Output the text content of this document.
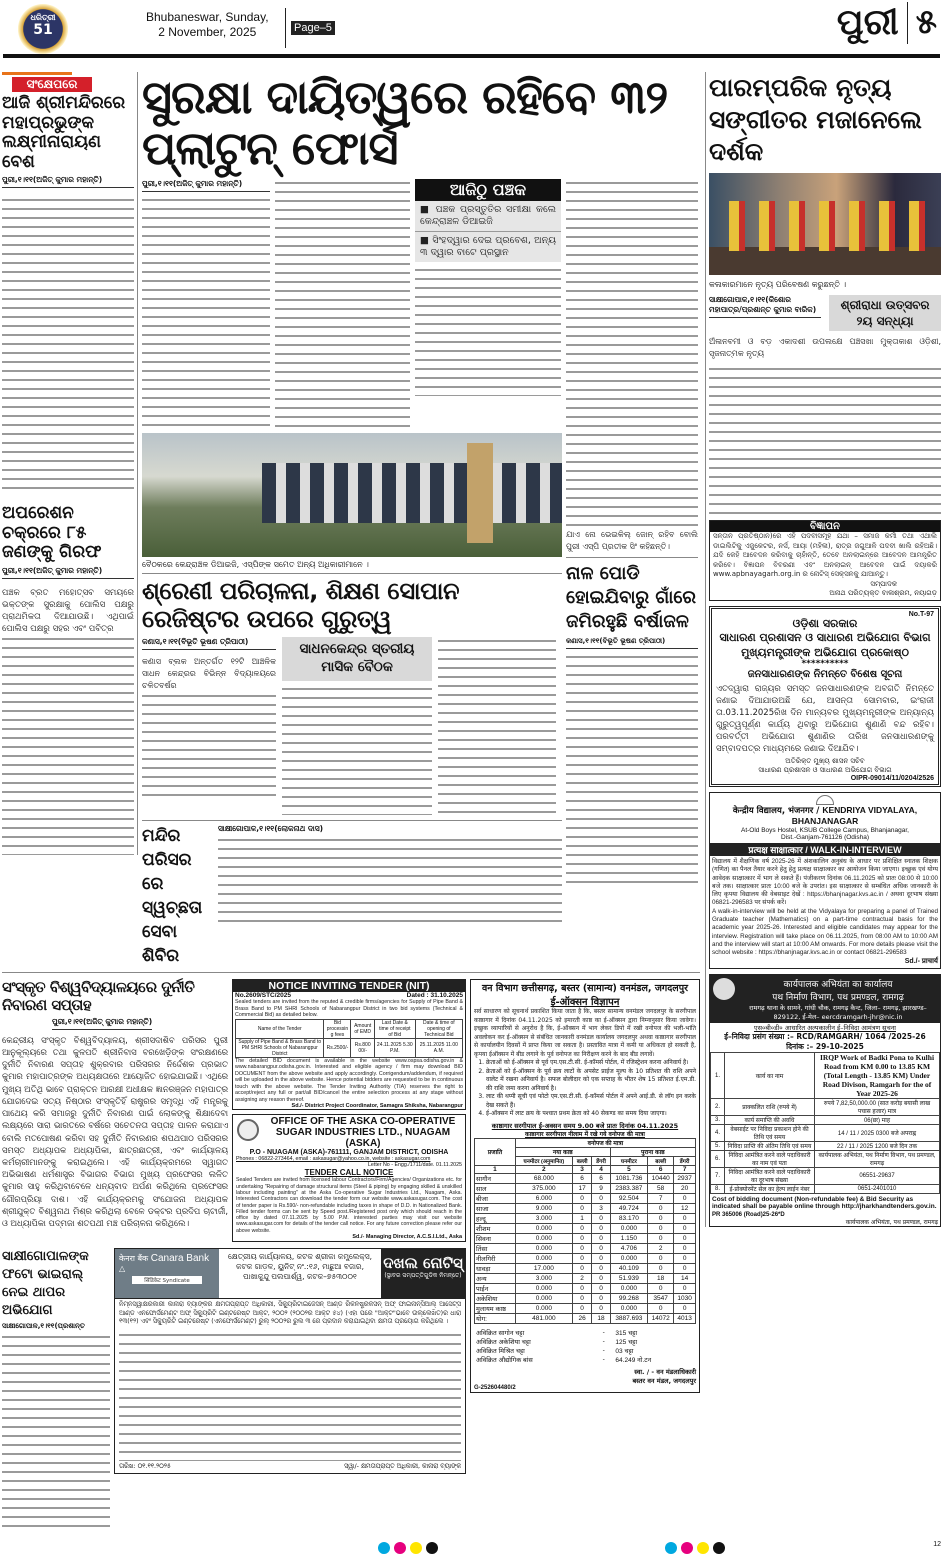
ଧରିତ୍ରୀ
51
Bhubaneswar, Sunday,
2 November, 2025	Page–5	ପୁରୀ ୫
ସଂକ୍ଷେପରେ
ଆଜି ଶ୍ରୀମନ୍ଦିରରେ ମହାପ୍ରଭୁଙ୍କ ଲକ୍ଷ୍ମୀନାରାୟଣ ବେଶ
ପୁରୀ,୧।୧୧(ଅଜିତ୍ କୁମାର ମହାନ୍ତି)
ଅପରେଶନ ଚକ୍ରରେ ୮୫ ଜଣଙ୍କୁ ଗିରଫ
ପୁରୀ,୧।୧୧(ଅଜିତ୍ କୁମାର ମହାନ୍ତି)
ପଞ୍ଚକ ବ୍ରତ ମହୋତ୍ସବ ସମୟରେ ଭକ୍ତଙ୍କ ସୁରକ୍ଷାକୁ ପୋଲିସ ପକ୍ଷରୁ ପ୍ରାଥମିକତା ଦିଆଯାଉଛି। ଏଥିପାଇଁ ପୋଲିସ ପକ୍ଷରୁ ସହର ଏବଂ ପବିତ୍ର
ସୁରକ୍ଷା ଦାୟିତ୍ୱରେ ରହିବେ ୩୨ ପ୍ଲାଟୁନ୍ ଫୋର୍ସ
ପୁରୀ,୧।୧୧(ଅଜିତ୍ କୁମାର ମହାନ୍ତି)	ଆଜିଠୁ ପଞ୍ଚକ
■ ପଞ୍ଚକ ପ୍ରସ୍ତୁତିର ସମୀକ୍ଷା କଲେ କେନ୍ଦ୍ରାଞ୍ଚଳ ଡିଆଇଜି
■ ସିଂହଦ୍ୱାର ଦେଇ ପ୍ରବେଶ, ଅନ୍ୟ ୩ ଦ୍ୱାର ବାଟେ ପ୍ରସ୍ଥାନ
ବୈଠକରେ କେନ୍ଦ୍ରାଞ୍ଚଳ ଡିଆଇଜି, ଏସ୍‌ପିଙ୍କ ସମେତ ଅନ୍ୟ ଅଧିକାରୀମାନେ ।
ଶ୍ରେଣୀ ପରିଚାଳନା, ଶିକ୍ଷଣ ସୋପାନ ରେଜିଷ୍ଟର ଉପରେ ଗୁରୁତ୍ୱ
କଣାସ,୧।୧୧(ବିଭୂତି ଭୂଷଣ ତ୍ରିପାଠୀ)
କଣାସ ବ୍ଲକ ଅନ୍ତର୍ଗତ ୧୨ଟି ଆଞ୍ଚଳିକ ସାଧନ କେନ୍ଦ୍ରର ବିଭିନ୍ନ ବିଦ୍ୟାଳୟରେ ଚଳିତବର୍ଷର
ସାଧନକେନ୍ଦ୍ର ସ୍ତରୀୟ ମାସିକ ବୈଠକ
ମନ୍ଦିର ପରିସରରେ ସ୍ୱଚ୍ଛତା ସେବା ଶିବିର
ସାକ୍ଷୀଗୋପାଳ,୧।୧୧(ଲୋକନାଥ ଦାସ)
ଯାଏ ନୋ ଭେଇକିଲ୍ ଜୋନ୍ ରହିବ ବୋଲି ପୁରୀ ଏସ୍‌ପି ପ୍ରତୀକ ସିଂ କହିଛନ୍ତି।
ନାଳ ପୋଡି ହୋଇଯିବାରୁ ଗାଁରେ ଜମିରହୁଛି ବର୍ଷାଜଳ
କଣାସ,୧।୧୧(ବିଭୂତି ଭୂଷଣ ତ୍ରିପାଠୀ)
ସଂସ୍କୃତ ବିଶ୍ୱବିଦ୍ୟାଳୟରେ ଦୁର୍ନୀତି ନିବାରଣ ସପ୍ତାହ
ପୁରୀ,୧।୧୧(ଅଜିତ୍ କୁମାର ମହାନ୍ତି)
କେନ୍ଦ୍ରୀୟ ସଂସ୍କୃତ ବିଶ୍ୱବିଦ୍ୟାଳୟ, ଶ୍ରୀସଦାଶିବ ପରିସର ପୁରୀ ଆନୁକୂଲ୍ୟରେ ତଥା କୁଳପତି ଶ୍ରୀନିବାସ ବରଖେଡ଼ିଙ୍କ ସଂରକ୍ଷଣରେ ଦୁର୍ନୀତି ନିବାରଣ ସପ୍ତାହ ଶୁକ୍ରବାର ପରିସରର ନିର୍ଦ୍ଦେଶକ ପ୍ରଭାତ କୁମାର ମହାପାତ୍ରଙ୍କ ଅଧ୍ୟକ୍ଷତାରେ ଆୟୋଜିତ ହୋଇଯାଇଛି। ଏଥିରେ ମୁଖ୍ୟ ଅତିଥି ଭାବେ ପ୍ରାକ୍ତନ ଆରକ୍ଷୀ ଅଧୀକ୍ଷକ ଜ୍ଞାନରଞ୍ଜନ ମହାପାତ୍ର ଯୋଗଦେଇ ସତ୍ୟ ନିଷ୍ଠାର ସଂସ୍କୃତିହିଁ ରାଷ୍ଟ୍ରର ସମୃଦ୍ଧି ଏହି ମନ୍ତ୍ରକୁ ପାଥେୟ କରି ସମାଜରୁ ଦୁର୍ନୀତି ନିବାରଣ ପାଇଁ ଲୋକଙ୍କୁ ଶିକ୍ଷାଦେବା ଲକ୍ଷ୍ୟରେ ସାରା ଭାରତରେ ବର୍ଷରେ ସଚେତନତା ସପ୍ତାହ ପାଳନ କରାଯାଏ ବୋଲି ମତପୋଷଣ କରିବା ସହ ଦୁର୍ନୀତି ନିବାରଣର ଶପଥପାଠ ପରିସରର ସମସ୍ତ ଅଧ୍ୟାପକ ଅଧ୍ୟାପିକା, ଛାତ୍ରଛାତ୍ରୀ, ଏବଂ କାର୍ଯ୍ୟାଳୟ କର୍ମଚାରୀମାନଙ୍କୁ କରାଇଥିଲେ। ଏହି କାର୍ଯ୍ୟକ୍ରମରେ ସ୍ୱାଗତ ଅଭିଭାଷଣ ଧର୍ମଶାସ୍ତ୍ର ବିଭାଗର ବିଭାଗ ମୁଖ୍ୟ ପ୍ରଫେସର ଲଳିତ କୁମାର ସାହୁ କରିଥିବାବେଳେ ଧନ୍ୟବାଦ ଅର୍ପଣ କରିଥିଲେ ପ୍ରଫେସର ଗୌରପ୍ରିୟା ଦାଶ। ଏହି କାର୍ଯ୍ୟକ୍ରମକୁ ସଂଯୋଜନା ଅଧ୍ୟାପକ ଶ୍ରୀଯୁକ୍ତ ବିଶ୍ୱନାଥ ମିଶ୍ର କରିଥିଲା ବେଳେ ଡକ୍ଟର ପ୍ରଦିପ ଚାଟାର୍ଜୀ, ଓ ଅଧ୍ୟାପିକା ପଦ୍ମଜା ଶତପଥୀ ମଞ୍ଚ ପରିଚାଳନା କରିଥିଲେ।
NOTICE INVITING TENDER (NIT)
No.2609/STC/2025	Dated : 31.10.2025
Sealed tenders are invited from the reputed & credible firms/agencies for Supply of Pipe Band & Brass Band to PM SHRI Schools of Nabarangpur District in two bid systems (Technical & Commercial Bid) as detailed below.
Name of the Tender	Bid processing fees	Amount of EMD	Last Date & time of receipt of Bid	Date & time of opening of Technical Bid
Supply of Pipe Band & Brass Band to PM SHRI Schools of Nabarangpur District	Rs.2500/-	Rs.80000/-	24.11.2025 5.30 P.M.	25.11.2025 11.00 A.M.
The detailed BID document is available in the website www.ospsa.odisha.gov.in & www.nabarangpur.odisha.gov.in. Interested and eligible agency / firm may download BID DOCUMENT from the above website and apply accordingly. Corrigendum/addendum, if required will be uploaded in the above website. Hence potential bidders are requested to be in continuous touch with the above website. The Tender Inviting Authority (TIA) reserves the right to accept/reject any full or part/all BID/cancel the entire selection process at any stage without assigning any reason thereof.
Sd./- District Project Coordinator, Samagra Shiksha, Nabarangpur
OFFICE OF THE ASKA CO-OPERATIVE
SUGAR INDUSTRIES LTD., NUAGAM (ASKA)
P.O - NUAGAM (ASKA)-761111, GANJAM DISTRICT, ODISHA
Phones : 06822-273464, email : askasugar@yahoo.co.in, website : askasugar.com
Letter No - Engg./1711/date. 01.11.2025
TENDER CALL NOTICE
Sealed Tenders are invited from licensed labour Contractors/Firm/Agencies/ Organizations etc. for undertaking "Repairing of damage structural items (Steel & piping) by engaging skilled & unskilled labour including painting" at the Aska Co-operative Sugar Industries Ltd., Nuagam, Aska. Interested Contractors can download the tender form our website www.askasugar.com. The cost of tender paper is Rs.590/- non-refundable including taxes in shape of D.D. in Nationalized Bank. Filled tender forms can be sent by Speed post./Registered post only which should reach in the office by dated 07.11.2025 by 5.00 P.M. interested parties may visit our website www.askasugar.com for details of the tender call notice. For any future correction please refer our above website.
Sd./- Managing Director, A.C.S.I.Ltd., Aska
ସାକ୍ଷୀଗୋପାଳଙ୍କ ଫଟୋ ଭାଇରାଲ୍ ନେଇ ଥାପର ଅଭିଯୋଗ
ସାକ୍ଷୀଗୋପାଳ,୧।୧୧(ପ୍ରଶାନ୍ତ
केनरा बैंक Canara Bank △
सिंडिकेट Syndicate
କ୍ଷେତ୍ରୀୟ କାର୍ଯ୍ୟାଳୟ, କଟକ ଶ୍ରୀକା କମ୍ପ୍ଲେକ୍ସ, କଟକ ଗାଡ଼ଳ, ୟୁନିଟ୍ ନଂ.:୧୬, ମାଛୁଆ ବଜାର, ପାଖାକୁନ୍ଦୁ ପଲପାର୍ଶ୍ୱ, କଟକ–୭୫୩୦୦୧
ଦଖଲ ନୋଟିସ୍
(ସ୍ଥାବର ସମ୍ପତ୍ତିଗୁଡିକ ନିମନ୍ତେ)
ନିମ୍ନସ୍ୱାକ୍ଷରକାରୀ କାନାରା ବ୍ୟାଙ୍କର କ୍ଷମତାପ୍ରାପ୍ତ ଅଧିକାରୀ, ସିକ୍ୟୁରିଟାଇଜେସନ୍ ଆଣ୍ଡ ରିକନଷ୍ଟ୍ରକସନ୍ ଅଫ୍ ଫାଇନାନ୍ସିଆଲ୍ ଆସେଟ୍ସ ଆଣ୍ଡ ଏନଫୋର୍ସମେଣ୍ଟ ଅଫ୍ ସିକ୍ୟୁରିଟି ଇଣ୍ଟରେଷ୍ଟ ଆକ୍ଟ, ୨୦୦୨ (୨୦୦୨ର ଆକ୍ଟ ୫୪) (ଏହା ପରେ "ଆକ୍ଟ"ଭାବେ ଉଲ୍ଲେଖିତ)ର ଧାରା ୧୩(୧୨) ଏବଂ ସିକ୍ୟୁରିଟି ଇଣ୍ଟରେଷ୍ଟ (ଏନଫୋର୍ସମେଣ୍ଟ) ରୁଲ୍ ୨୦୦୨ର ରୁଲ ୩ ରେ ପ୍ରଦାନ କରାଯାଇଥିବା କ୍ଷମତା ପ୍ରୟୋଗ କରିଥିଲେ ।
ତାରିଖ: ୦୧.୧୧.୨୦୨୫	ସ୍ୱା/- କ୍ଷମତାପ୍ରାପ୍ତ ଅଧିକାରୀ, କାନାରା ବ୍ୟାଙ୍କ
वन विभाग छत्तीसगढ़, बस्तर (सामान्य) वनमंडल, जगदलपुर
ई-ऑक्सन विज्ञापन
सर्व साधारण को सूचनार्थ प्रकाशित किया जाता है कि, बस्तर सामान्य वनमंडल जगदलपुर के सरगीपाल काष्ठागार में दिनांक 04.11.2025 को इमारती काष्ठ का ई-ऑक्सन द्वारा निम्नानुसार किया जावेगा। इच्छुक व्यापारियों से अनुरोध है कि, ई-ऑक्सन में भाग लेकर डिपो में रखी वनोपज की भली-भांति अवलोकन कर ई-ऑक्सन से संबंधित जानकारी वनमंडल कार्यालय जगदलपुर अथवा काष्ठागार सरगीपाल से कार्यालयीन दिवसों में प्राप्त किया जा सकता है। प्रस्तावित मात्रा में कमी या अधिकता हो सकती है, कृपया ईऑक्सन में बीड लगाने के पूर्व वनोपज का निरीक्षण करने के बाद बीड लगावें।
1. क्रेताओं को ई-ऑक्सन से पूर्व एम.एस.टी.सी. ई-कॉमर्स पोर्टल, में रजिस्ट्रेशन करना अनिवार्य है।
2. क्रेताओं को ई-ऑक्सन के पूर्व क्रय लाटों के अपसेट प्राईज मूल्य के 10 प्रतिशत की राशि अपने वालेट में रखना अनिवार्य है। सफल बोलीदार को एक सप्ताह के भीतर शेष 15 प्रतिशत ई.एम.डी. की राशि जमा करना अनिवार्य है।
3. लाट की थप्पी सूची एवं फोटो एम.एस.टी.सी. ई-कॉमर्स पोर्टल में अपने आई.डी. से लॉग इन करके देख सकते हैं।
4. ई-ऑक्सन में लाट क्रय के पश्चात प्रथम क्रेता को 40 सेकण्ड का समय दिया जाएगा।
काष्ठागार सरगीपाल ई-अक्सन समय 9.00 बजे प्रातः दिनांक 04.11.2025
काष्ठागार सरगीपाल नीलाम में रखे गये वनोपज की मात्रा
प्रजाति	वनोपज की मात्रा					
	नया काष्ठ			पुराना काष्ठ		
	घनमीटर (अनुमानित)	बल्ली	डेंगरी	घनमीटर	बल्ली	डेंगरी
1	2	3	4	5	6	7
सागौन	68.000	6	6	1081.736	10440	2937
साल	375.000	17	9	2383.387	58	20
बीजा	6.000	0	0	92.504	7	0
साजा	9.000	0	3	49.724	0	12
हल्दू	3.000	1	0	83.170	0	0
शीशम	0.000	0	0	0.000	0	0
सिवना	0.000	0	0	1.150	0	0
तिंसा	0.000	0	0	4.706	2	0
नीलगिरी	0.000	0	0	0.000	0	0
धावड़ा	17.000	0	0	40.109	0	0
अन्य	3.000	2	0	51.939	18	14
पाईन	0.000	0	0	0.000	0	0
अकेशिया	0.000	0	0	99.268	3547	1030
मुलायम काष्ठ	0.000	0	0	0.000	0	0
योग:	481.000	26	18	3887.693	14072	4013
अविक्रित सागोन चट्टा	-	315 चट्टा
अविक्रित अकेशिया चट्टा	-	125 चट्टा
अविक्रित मिश्रित चट्टा	-	03 चट्टा
अविक्रित औद्योगिक बांस	-	64.249 नो.टन
स्वा. / - वन मंडलाधिकारी
बस्तर वन मंडल, जगदलपुर
G-252604480/2
ପାରମ୍ପରିକ ନୃତ୍ୟ ସଙ୍ଗୀତର ମଜାନେଲେ ଦର୍ଶକ
କଳାକାରମାନେ ନୃତ୍ୟ ପରିବେଷଣ କରୁଛନ୍ତି ।
ସାକ୍ଷୀଗୋପାଳ,୧।୧୧(କିଶୋର ମହାପାତ୍ର/ପ୍ରଶାନ୍ତ କୁମାର ବାରିକ)	ଶ୍ରୀରାଧା ଉତ୍ସବର ୨ୟ ସନ୍ଧ୍ୟା
ଅଁଳାନବମୀ ଓ ବଡ଼ ଏକାଦଶୀ ଉପଲକ୍ଷେ ପଞ୍ଚସଖା ମୁକ୍ତାକାଶ ଓଡ଼ିଶୀ, ସୃଜନାତ୍ମକ ନୃତ୍ୟ
ବିଜ୍ଞାପନ
ସନ୍ତାନ ପ୍ରତିଷ୍ଠାନ)ରେ ଏହି ପଦବୀସମୂହ ଯଥା – ସମାଜ କର୍ମୀ ତଥା ଏଥାଲି ଡାଇଲିଟିକୁ ଏଜୁକେଟର, ନର୍ସ, ଆୟା (ମହିଳା), ରାତ୍ର ଜଗୁଆଳି ପଦବୀ ଖାଲି ରହିଅଛି। ଯଦି କେହି ଆବେଦନ କରିବାକୁ ଚାହାଁନ୍ତି, ତେବେ ଅନଲାଇନ୍‌ରେ ଆବେଦନ ଆମନ୍ତ୍ରିତ କରିବେ। ବିଜ୍ଞାପନ ବିବରଣୀ ଏବଂ ଅନଲାଇନ୍ ଆବେଦନ ପାଇଁ ଦୟାକରି www.apbnayagarh.org.in ର ନୋଟିସ୍ ସେକ୍ସନକୁ ଯାଆନ୍ତୁ।
ସମ୍ପାଦକ
ଅନାଥ ପରିତ୍ୟକ୍ତ ବାଳାଶ୍ରମ, ନୟାଗଡ଼
No.T-97
ଓଡ଼ିଶା ସରକାର
ସାଧାରଣ ପ୍ରଶାସନ ଓ ସାଧାରଣ ଅଭିଯୋଗ ବିଭାଗ
ମୁଖ୍ୟମନ୍ତ୍ରୀଙ୍କ ଅଭିଯୋଗ ପ୍ରକୋଷ୍ଠ
**********
ଜନସାଧାରଣଙ୍କ ନିମନ୍ତେ ବିଶେଷ ସୂଚନା
ଏତଦ୍ୱାରା ରାଜ୍ୟର ସମସ୍ତ ଜନସାଧାରଣଙ୍କ ଅବଗତି ନିମନ୍ତେ ଜଣାଇ ଦିଆଯାଉଅଛି ଯେ, ଆସନ୍ତା ସୋମବାର, ଇଂରାଜୀ ତା.03.11.2025ରିଖ ଦିନ ମାନ୍ୟବର ମୁଖ୍ୟମନ୍ତ୍ରୀଙ୍କ ଅନ୍ୟାନ୍ୟ ଗୁରୁତ୍ୱପୂର୍ଣ୍ଣ କାର୍ଯ୍ୟ ଥିବାରୁ ଅଭିଯୋଗ ଶୁଣାଣି ବନ୍ଦ ରହିବ। ପରବର୍ତ୍ତୀ ଅଭିଯୋଗ ଶୁଣାଣିର ତାରିଖ ଜନସାଧାରଣଙ୍କୁ ସମ୍ବାଦପତ୍ର ମାଧ୍ୟମରେ ଜଣାଇ ଦିଆଯିବ।
ଅତିରିକ୍ତ ମୁଖ୍ୟ ଶାସନ ସଚିବ
ସାଧାରଣ ପ୍ରଶାସନ ଓ ସାଧାରଣ ଅଭିଯୋଗ ବିଭାଗ
OIPR-09014/11/0204/2526
केन्द्रीय विद्यालय, भंजनगर / KENDRIYA VIDYALAYA, BHANJANAGAR
At-Old Boys Hostel, KSUB College Campus, Bhanjanagar,
Dist.-Ganjam-761126 (Odisha)
प्रत्यक्ष साक्षात्कार / WALK-IN-INTERVIEW
विद्यालय में शैक्षणिक वर्ष 2025-26 में अंशकालिन अनुबंध के आधार पर प्रशिक्षित स्नातक शिक्षक (गणित) का पैनल तैयार करने हेतु हेतु प्रत्यक्ष साक्षात्कार का आयोजन किया जाएगा। इच्छुक एवं योग्य आवेदक साक्षात्कार में भाग ले सकते हैं। पंजीकरण दिनांक 06.11.2025 को प्रातः 08:00 से 10:00 बजे तक। साक्षात्कार प्रातः 10:00 बजे के उपरांत। इस साक्षात्कार से सम्बंधित अधिक जानकारी के लिए कृपया विद्यालय की वेबसाइट देखें : https://bhanjnagar.kvs.ac.in / अथवा दूरभाष संख्या 06821-296583 पर संपर्क करें।
A walk-in-interview will be held at the Vidyalaya for preparing a panel of Trained Graduate teacher (Mathematics) on a part-time contractual basis for the academic year 2025-26. Interested and eligible candidates may appear for the interview. Registration will take place on 06.11.2025, from 08:00 AM to 10:00 AM and the interview will start at 10:00 AM onwards. For more details please visit the school website : https://bhanjnagar.kvs.ac.in or contact 06821-296583
Sd./- प्राचार्य
कार्यपालक अभियंता का कार्यालय
पथ निर्माण विभाग, पथ प्रमण्डल, रामगढ़
रामगढ़ थाना के सामने, गांधी चौक, रामगढ़ कैन्ट, जिला– रामगढ़, झारखण्ड– 829122, ई-मेल– eercdramgarh-jhr@nic.in
एस०बी०डी० आधारित अल्पकालीन ई–निविदा आमंत्रण सूचना
ई–निविदा प्रसंग संख्या :– RCD/RAMGARH/ 1064 /2025-26
दिनांक :– 29-10-2025
1.	कार्य का नाम	IRQP Work of Badki Pona to Kulhi Road from KM 0.00 to 13.85 KM (Total Length - 13.85 KM) Under Road Divison, Ramgarh for the of Year 2025-26
2.	प्राक्कलित राशि (रुपये में)	रुपये 7,82,50,000.00 (सात करोड़ बयासी लाख पचास हजार) मात्र
3.	कार्य समाप्ति की अवधि	06(छः) माह
4.	वेबसाईट पर निविदा प्रकाशन होने की तिथि एवं समय	14 / 11 / 2025 0300 बजे अपराह्न
5.	निविदा प्राप्ति की अंतिम तिथि एवं समय	22 / 11 / 2025 1200 बजे दिन तक
6.	निविदा आमंत्रित करने वाले पदाधिकारी का नाम एवं पता	कार्यपालक अभियंता, पथ निर्माण विभाग, पथ प्रमण्डल, रामगढ़
7.	निविदा आमंत्रित करने वाले पदाधिकारी का दूरभाष संख्या	06551-29637
8.	ई-प्रोक्योरमेंट सेल का हेल्प लाईन नंबर	0651-2401010
Cost of bidding document (Non-refundable fee) & Bid Security as indicated shall be payable online through http://jharkhandtenders.gov.in.
PR 365006 (Road)25-26*D
कार्यपालक अभियंता, पथ प्रमण्डल, रामगढ़

12
